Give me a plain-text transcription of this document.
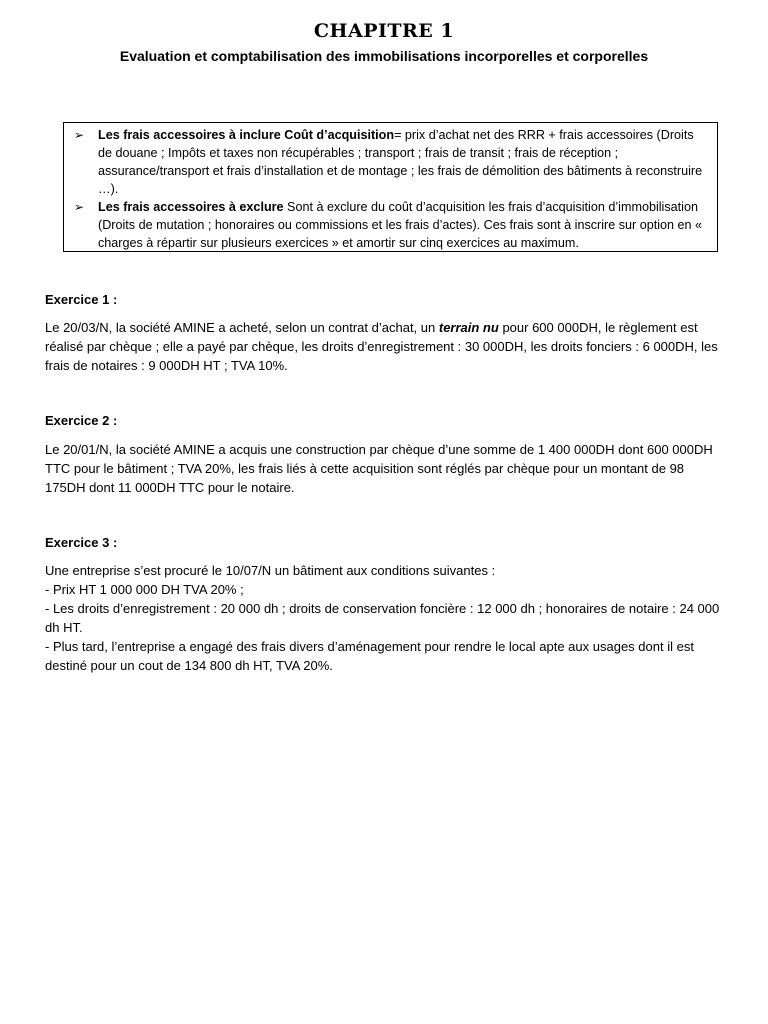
CHAPITRE 1
Evaluation et comptabilisation des immobilisations incorporelles et corporelles
➢	Les frais accessoires à inclure Coût d’acquisition= prix d’achat net des RRR + frais accessoires (Droits de douane ; Impôts et taxes non récupérables ; transport ; frais de transit ; frais de réception ; assurance/transport et frais d’installation et de montage ; les frais de démolition des bâtiments à reconstruire …).
➢	Les frais accessoires à exclure Sont à exclure du coût d’acquisition les frais d’acquisition d’immobilisation (Droits de mutation ; honoraires ou commissions et les frais d’actes). Ces frais sont à inscrire sur option en « charges à répartir sur plusieurs exercices » et amortir sur cinq exercices au maximum.
Exercice 1 :
Le 20/03/N, la société AMINE a acheté, selon un contrat d’achat, un terrain nu pour 600 000DH, le règlement est réalisé par chèque ; elle a payé par chèque, les droits d’enregistrement : 30 000DH, les droits fonciers : 6 000DH, les frais de notaires : 9 000DH HT ; TVA 10%.
Exercice 2 :
Le 20/01/N, la société AMINE a acquis une construction par chèque d’une somme de 1 400 000DH dont 600 000DH TTC pour le bâtiment ; TVA 20%, les frais liés à cette acquisition sont réglés par chèque pour un montant de 98 175DH dont 11 000DH TTC pour le notaire.
Exercice 3 :
Une entreprise s’est procuré le 10/07/N un bâtiment aux conditions suivantes :
- Prix HT 1 000 000 DH TVA 20% ;
- Les droits d’enregistrement : 20 000 dh ; droits de conservation foncière : 12 000 dh ; honoraires de notaire : 24 000 dh HT.
- Plus tard, l’entreprise a engagé des frais divers d’aménagement pour rendre le local apte aux usages dont il est destiné pour un cout de 134 800 dh HT, TVA 20%.
